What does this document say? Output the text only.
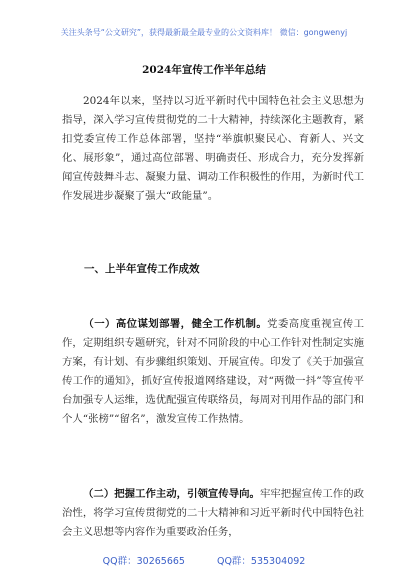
关注头条号“公文研究”，获得最新最全最专业的公文资料库！ 微信：gongwenyj
2024年宣传工作半年总结
2024年以来，坚持以习近平新时代中国特色社会主义思想为指导，深入学习宣传贯彻党的二十大精神，持续深化主题教育，紧扣党委宣传工作总体部署，坚持“举旗帜聚民心、育新人、兴文化、展形象”，通过高位部署、明确责任、形成合力，充分发挥新闻宣传鼓舞斗志、凝聚力量、调动工作积极性的作用，为新时代工作发展进步凝聚了强大“政能量”。
一、上半年宣传工作成效
（一）高位谋划部署，健全工作机制。党委高度重视宣传工作，定期组织专题研究，针对不同阶段的中心工作针对性制定实施方案，有计划、有步骤组织策划、开展宣传。印发了《关于加强宣传工作的通知》，抓好宣传报道网络建设，对“两微一抖”等宣传平台加强专人运维，选优配强宣传联络员，每周对刊用作品的部门和个人“张榜”“留名”，激发宣传工作热情。
（二）把握工作主动，引领宣传导向。牢牢把握宣传工作的政治性，将学习宣传贯彻党的二十大精神和习近平新时代中国特色社会主义思想等内容作为重要政治任务，
QQ群：30265665	QQ群：535304092
